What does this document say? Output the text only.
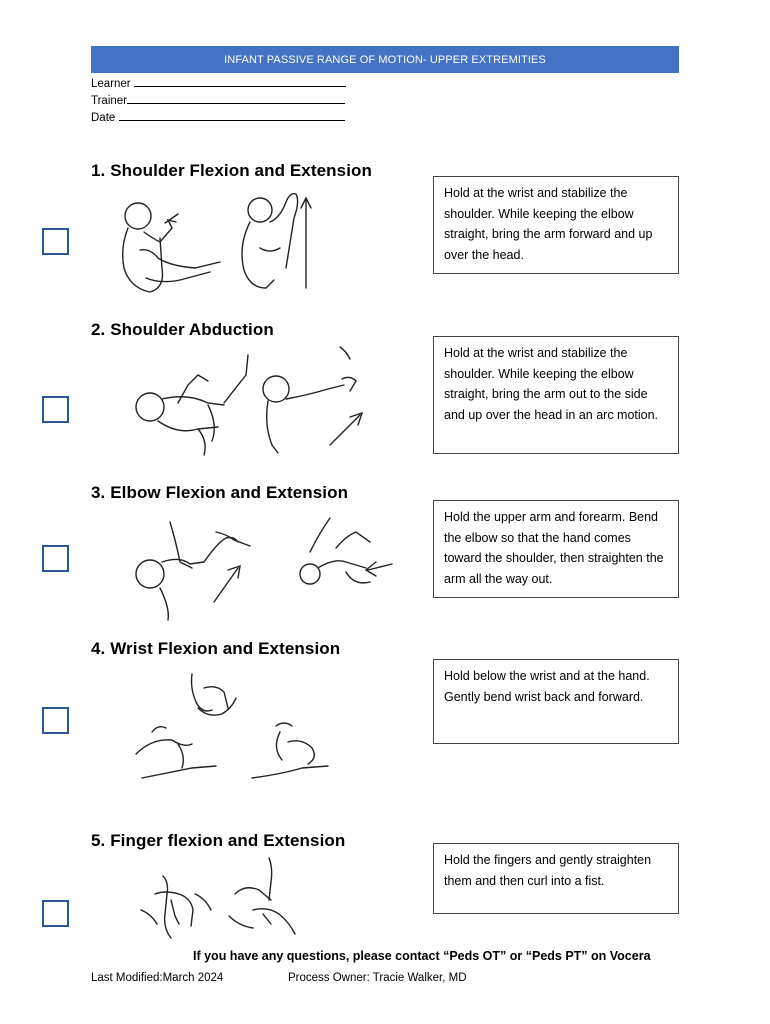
INFANT PASSIVE RANGE OF MOTION- UPPER EXTREMITIES
Learner
Trainer
Date
1. Shoulder Flexion and Extension
Hold at the wrist and stabilize the shoulder. While keeping the elbow straight, bring the arm forward and up over the head.
2. Shoulder Abduction
Hold at the wrist and stabilize the shoulder. While keeping the elbow straight, bring the arm out to the side and up over the head in an arc motion.
3. Elbow Flexion and Extension
Hold the upper arm and forearm. Bend the elbow so that the hand comes toward the shoulder, then straighten the arm all the way out.
4. Wrist Flexion and Extension
Hold below the wrist and at the hand. Gently bend wrist back and forward.
5. Finger flexion and Extension
Hold the fingers and gently straighten them and then curl into a fist.
If you have any questions, please contact “Peds OT” or “Peds PT” on Vocera
Last Modified:March 2024	Process Owner: Tracie Walker, MD
